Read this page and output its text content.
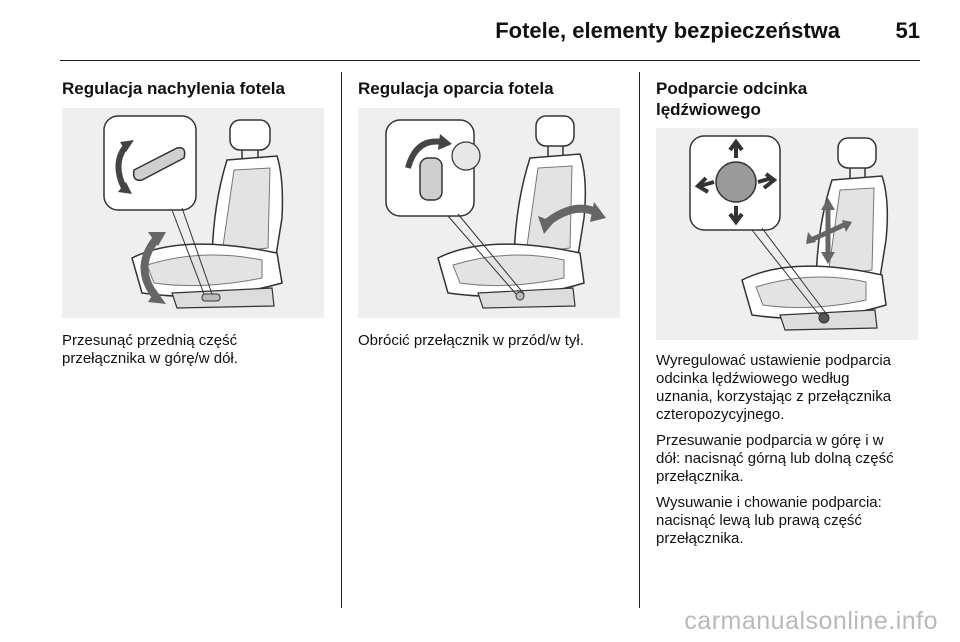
Fotele, elementy bezpieczeństwa	51
Regulacja nachylenia fotela
Przesunąć przednią część
przełącznika w górę/w dół.
Regulacja oparcia fotela
Obrócić przełącznik w przód/w tył.
Podparcie odcinka
lędźwiowego
Wyregulować ustawienie podparcia
odcinka lędźwiowego według
uznania, korzystając z przełącznika
czteropozycyjnego.
Przesuwanie podparcia w górę i w
dół: nacisnąć górną lub dolną część
przełącznika.
Wysuwanie i chowanie podparcia:
nacisnąć lewą lub prawą część
przełącznika.
carmanualsonline.info
